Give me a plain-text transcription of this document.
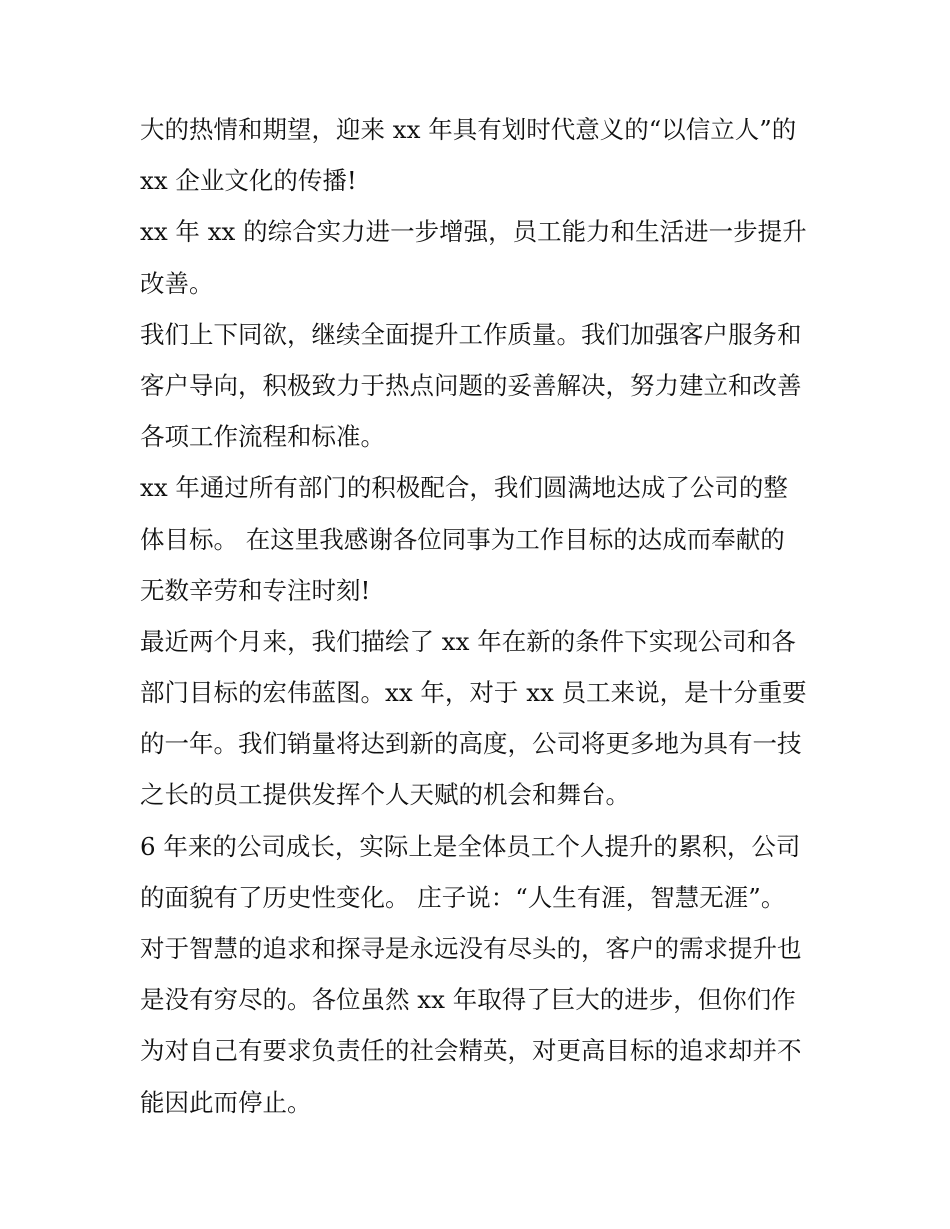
大的热情和期望，迎来 xx 年具有划时代意义的“以信立人”的
xx 企业文化的传播!
xx 年 xx 的综合实力进一步增强，员工能力和生活进一步提升
改善。
我们上下同欲，继续全面提升工作质量。我们加强客户服务和
客户导向，积极致力于热点问题的妥善解决，努力建立和改善
各项工作流程和标准。
xx 年通过所有部门的积极配合，我们圆满地达成了公司的整
体目标。 在这里我感谢各位同事为工作目标的达成而奉献的
无数辛劳和专注时刻!
最近两个月来，我们描绘了 xx 年在新的条件下实现公司和各
部门目标的宏伟蓝图。xx 年，对于 xx 员工来说，是十分重要
的一年。我们销量将达到新的高度，公司将更多地为具有一技
之长的员工提供发挥个人天赋的机会和舞台。
6 年来的公司成长，实际上是全体员工个人提升的累积，公司
的面貌有了历史性变化。 庄子说：“人生有涯，智慧无涯”。
对于智慧的追求和探寻是永远没有尽头的，客户的需求提升也
是没有穷尽的。各位虽然 xx 年取得了巨大的进步，但你们作
为对自己有要求负责任的社会精英，对更高目标的追求却并不
能因此而停止。
